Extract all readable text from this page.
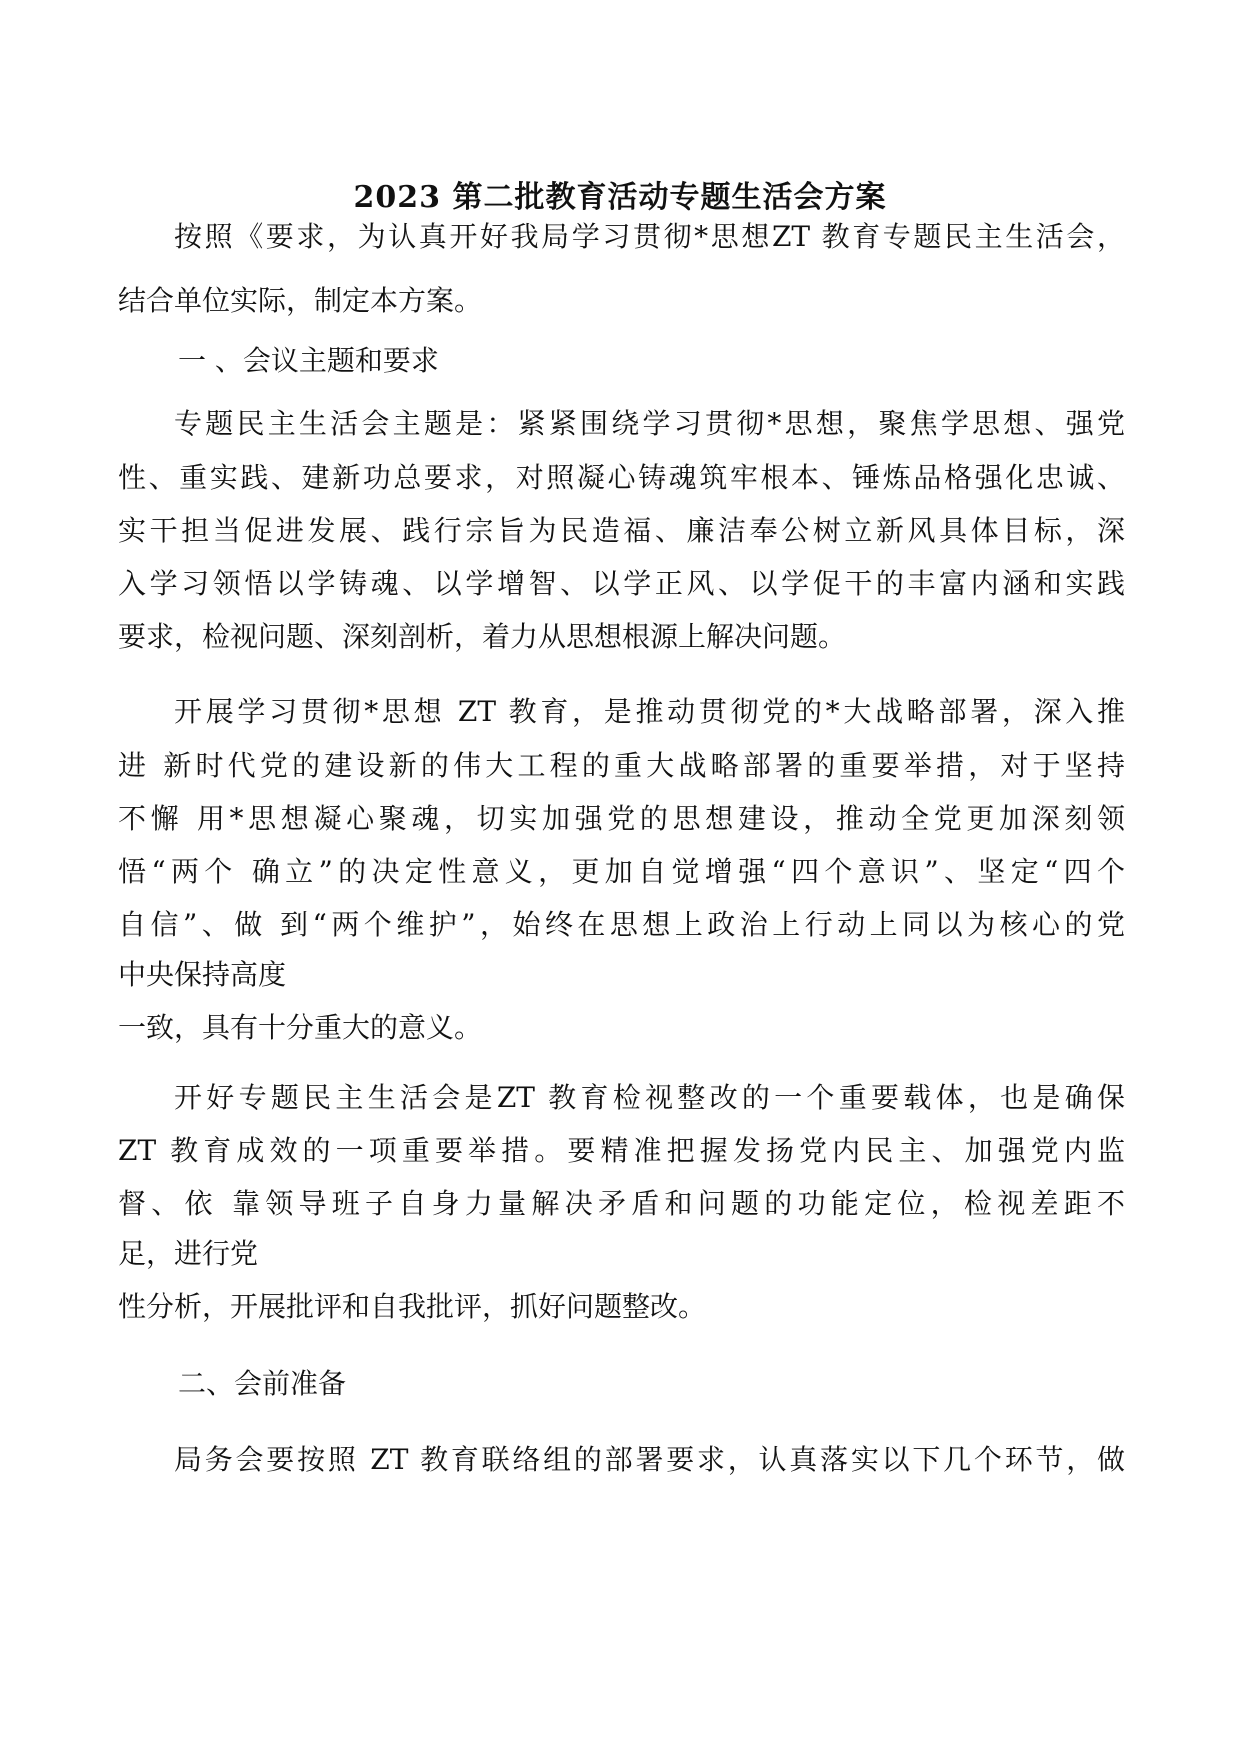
2023 第二批教育活动专题生活会方案
按照《要求，为认真开好我局学习贯彻*思想ZT 教育专题民主生活会，
结合单位实际，制定本方案。
一 、会议主题和要求
专题民主生活会主题是：紧紧围绕学习贯彻*思想，聚焦学思想、强党
性、重实践、建新功总要求，对照凝心铸魂筑牢根本、锤炼品格强化忠诚、
实干担当促进发展、践行宗旨为民造福、廉洁奉公树立新风具体目标，深
入学习领悟以学铸魂、以学增智、以学正风、以学促干的丰富内涵和实践
要求，检视问题、深刻剖析，着力从思想根源上解决问题。
开展学习贯彻*思想 ZT 教育，是推动贯彻党的*大战略部署，深入推
进 新时代党的建设新的伟大工程的重大战略部署的重要举措，对于坚持
不懈 用*思想凝心聚魂，切实加强党的思想建设，推动全党更加深刻领
悟“两个 确立”的决定性意义，更加自觉增强“四个意识”、坚定“四个
自信”、做 到“两个维护”，始终在思想上政治上行动上同以为核心的党
中央保持高度
一致，具有十分重大的意义。
开好专题民主生活会是ZT 教育检视整改的一个重要载体，也是确保
ZT 教育成效的一项重要举措。要精准把握发扬党内民主、加强党内监
督、依 靠领导班子自身力量解决矛盾和问题的功能定位，检视差距不
足，进行党
性分析，开展批评和自我批评，抓好问题整改。
二、会前准备
局务会要按照 ZT 教育联络组的部署要求，认真落实以下几个环节，做
